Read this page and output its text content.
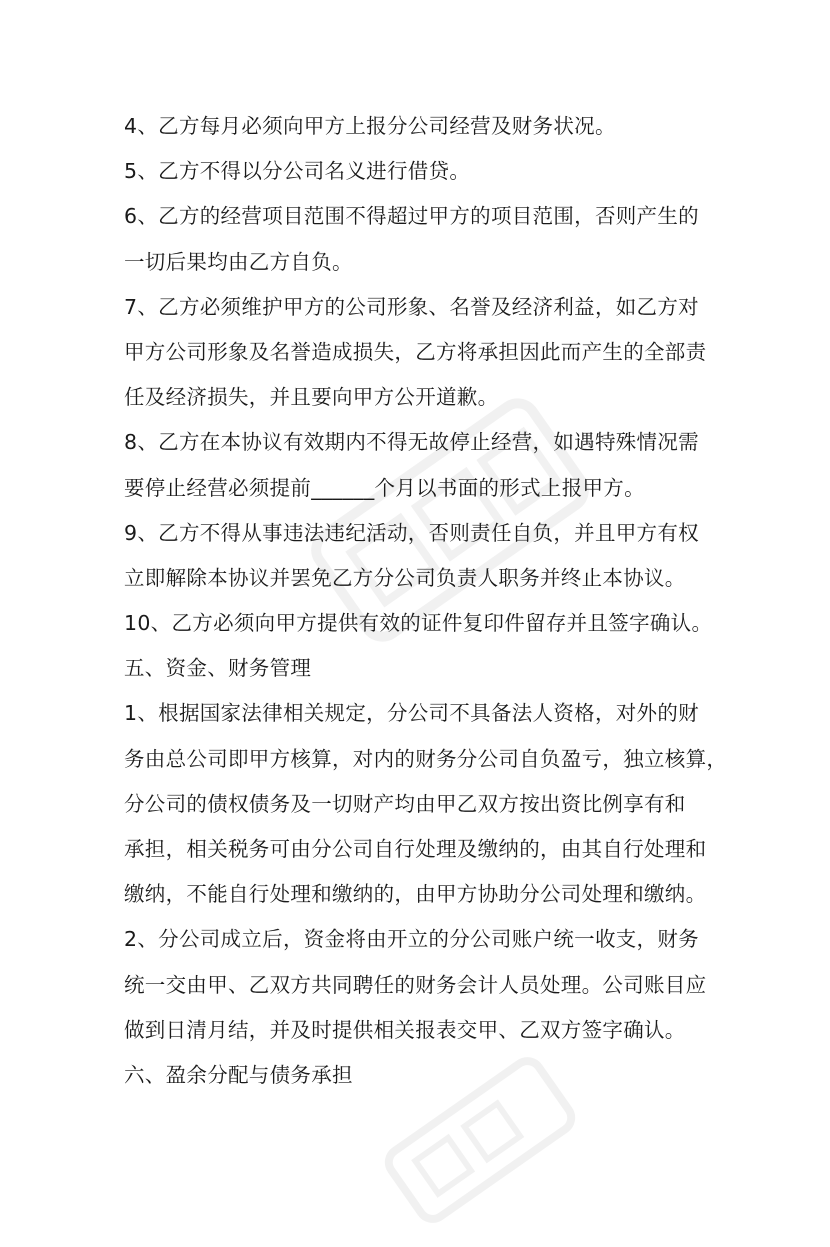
4、乙方每月必须向甲方上报分公司经营及财务状况。
5、乙方不得以分公司名义进行借贷。
6、乙方的经营项目范围不得超过甲方的项目范围，否则产生的
一切后果均由乙方自负。
7、乙方必须维护甲方的公司形象、名誉及经济利益，如乙方对
甲方公司形象及名誉造成损失，乙方将承担因此而产生的全部责
任及经济损失，并且要向甲方公开道歉。
8、乙方在本协议有效期内不得无故停止经营，如遇特殊情况需
要停止经营必须提前______个月以书面的形式上报甲方。
9、乙方不得从事违法违纪活动，否则责任自负，并且甲方有权
立即解除本协议并罢免乙方分公司负责人职务并终止本协议。
10、乙方必须向甲方提供有效的证件复印件留存并且签字确认。
五、资金、财务管理
1、根据国家法律相关规定，分公司不具备法人资格，对外的财
务由总公司即甲方核算，对内的财务分公司自负盈亏，独立核算，
分公司的债权债务及一切财产均由甲乙双方按出资比例享有和
承担，相关税务可由分公司自行处理及缴纳的，由其自行处理和
缴纳，不能自行处理和缴纳的，由甲方协助分公司处理和缴纳。
2、分公司成立后，资金将由开立的分公司账户统一收支，财务
统一交由甲、乙双方共同聘任的财务会计人员处理。公司账目应
做到日清月结，并及时提供相关报表交甲、乙双方签字确认。
六、盈余分配与债务承担
